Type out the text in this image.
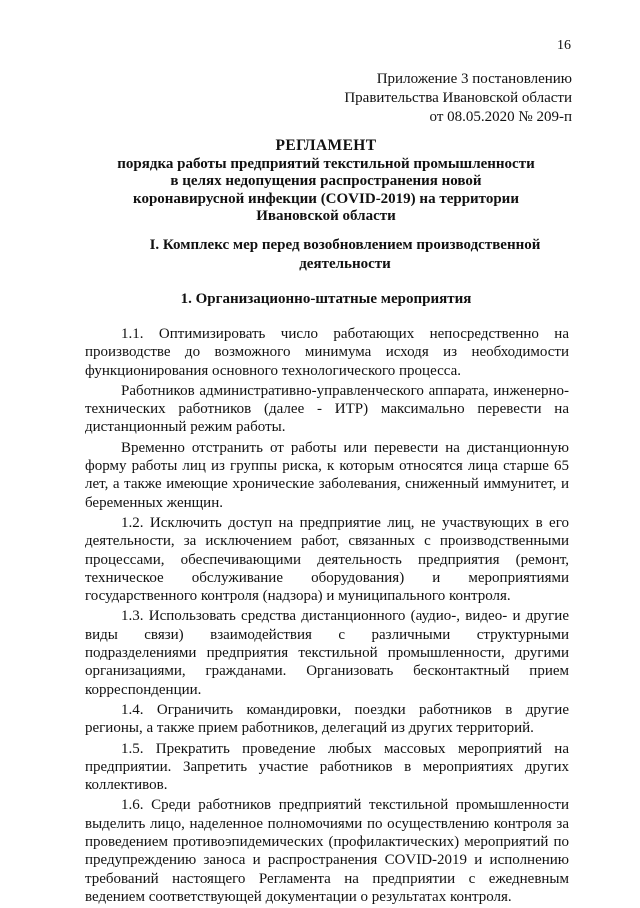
16
Приложение 3 постановлению
Правительства Ивановской области
от 08.05.2020 № 209-п
РЕГЛАМЕНТ
порядка работы предприятий текстильной промышленности
в целях недопущения распространения новой
коронавирусной инфекции (COVID-2019) на территории
Ивановской области
I. Комплекс мер перед возобновлением производственной
деятельности
1. Организационно-штатные мероприятия

1.1. Оптимизировать число работающих непосредственно на производстве до возможного минимума исходя из необходимости функционирования основного технологического процесса.

Работников административно-управленческого аппарата, инженерно-технических работников (далее - ИТР) максимально перевести на дистанционный режим работы.

Временно отстранить от работы или перевести на дистанционную форму работы лиц из группы риска, к которым относятся лица старше 65 лет, а также имеющие хронические заболевания, сниженный иммунитет, и беременных женщин.

1.2. Исключить доступ на предприятие лиц, не участвующих в его деятельности, за исключением работ, связанных с производственными процессами, обеспечивающими деятельность предприятия (ремонт, техническое обслуживание оборудования) и мероприятиями государственного контроля (надзора) и муниципального контроля.

1.3. Использовать средства дистанционного (аудио-, видео- и другие виды связи) взаимодействия с различными структурными подразделениями предприятия текстильной промышленности, другими организациями, гражданами. Организовать бесконтактный прием корреспонденции.

1.4. Ограничить командировки, поездки работников в другие регионы, а также прием работников, делегаций из других территорий.

1.5. Прекратить проведение любых массовых мероприятий на предприятии. Запретить участие работников в мероприятиях других коллективов.

1.6. Среди работников предприятий текстильной промышленности выделить лицо, наделенное полномочиями по осуществлению контроля за проведением противоэпидемических (профилактических) мероприятий по предупреждению заноса и распространения COVID-2019 и исполнению требований настоящего Регламента на предприятии с ежедневным ведением соответствующей документации о результатах контроля.
